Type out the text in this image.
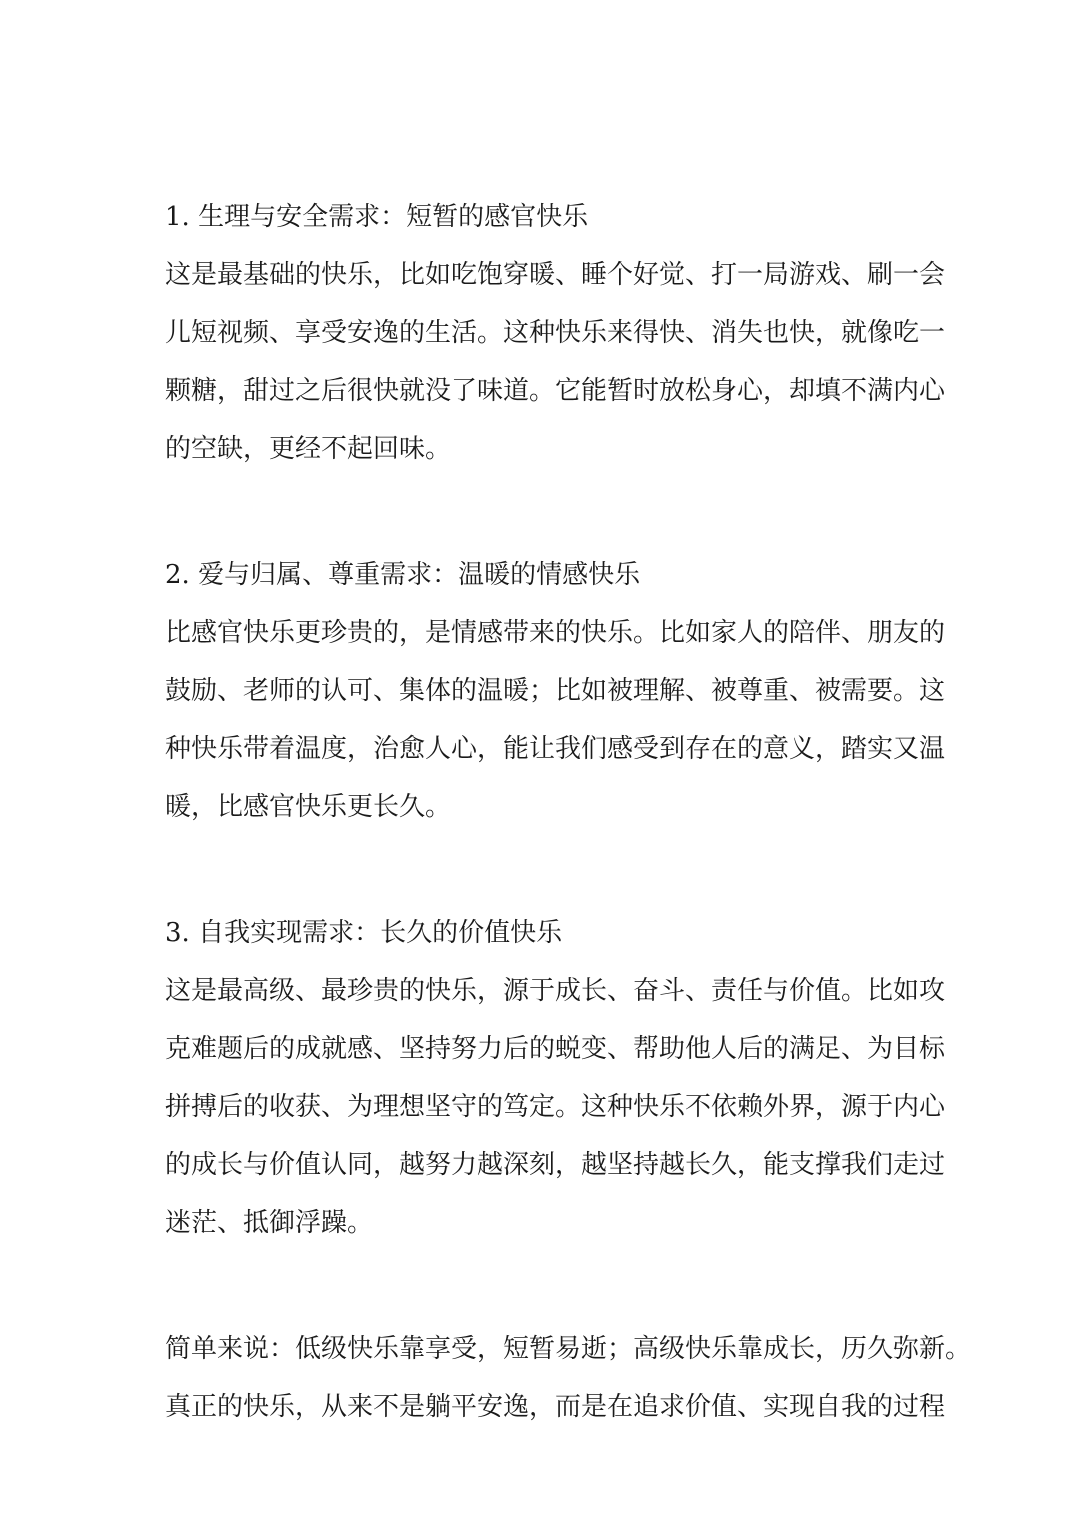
1. 生理与安全需求：短暂的感官快乐

这是最基础的快乐，比如吃饱穿暖、睡个好觉、打一局游戏、刷一会

儿短视频、享受安逸的生活。这种快乐来得快、消失也快，就像吃一

颗糖，甜过之后很快就没了味道。它能暂时放松身心，却填不满内心

的空缺，更经不起回味。

2. 爱与归属、尊重需求：温暖的情感快乐

比感官快乐更珍贵的，是情感带来的快乐。比如家人的陪伴、朋友的

鼓励、老师的认可、集体的温暖；比如被理解、被尊重、被需要。这

种快乐带着温度，治愈人心，能让我们感受到存在的意义，踏实又温

暖，比感官快乐更长久。

3. 自我实现需求：长久的价值快乐

这是最高级、最珍贵的快乐，源于成长、奋斗、责任与价值。比如攻

克难题后的成就感、坚持努力后的蜕变、帮助他人后的满足、为目标

拼搏后的收获、为理想坚守的笃定。这种快乐不依赖外界，源于内心

的成长与价值认同，越努力越深刻，越坚持越长久，能支撑我们走过

迷茫、抵御浮躁。

简单来说：低级快乐靠享受，短暂易逝；高级快乐靠成长，历久弥新。

真正的快乐，从来不是躺平安逸，而是在追求价值、实现自我的过程
